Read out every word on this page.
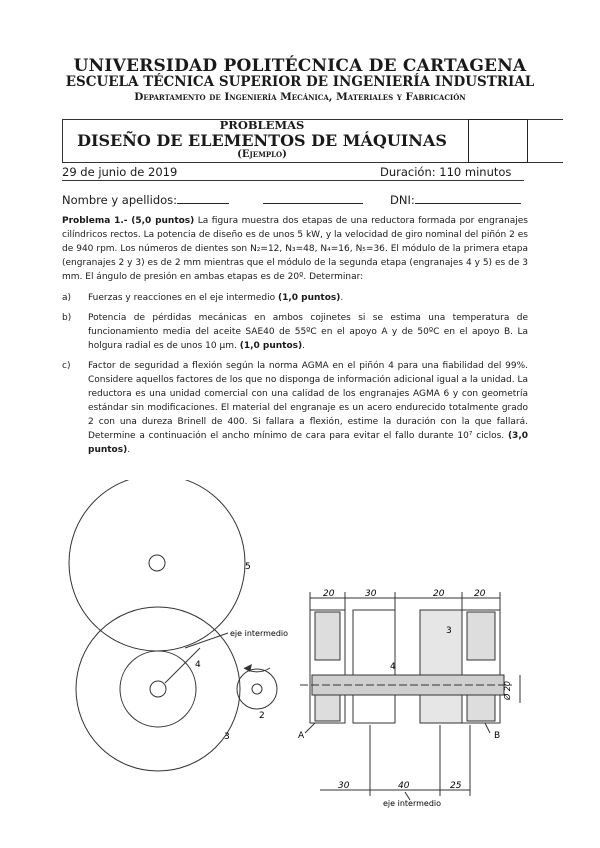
UNIVERSIDAD POLITÉCNICA DE CARTAGENA
ESCUELA TÉCNICA SUPERIOR DE INGENIERÍA INDUSTRIAL
Departamento de Ingeniería Mecánica, Materiales y Fabricación
PROBLEMAS
DISEÑO DE ELEMENTOS DE MÁQUINAS
(Ejemplo)
29 de junio de 2019	Duración: 110 minutos
Nombre y apellidos:	DNI:
Problema 1.- (5,0 puntos) La figura muestra dos etapas de una reductora formada por engranajes cilíndricos rectos. La potencia de diseño es de unos 5 kW, y la velocidad de giro nominal del piñón 2 es de 940 rpm. Los números de dientes son N₂=12, N₃=48, N₄=16, N₅=36. El módulo de la primera etapa (engranajes 2 y 3) es de 2 mm mientras que el módulo de la segunda etapa (engranajes 4 y 5) es de 3 mm. El ángulo de presión en ambas etapas es de 20º. Determinar:
a) Fuerzas y reacciones en el eje intermedio (1,0 puntos).
b) Potencia de pérdidas mecánicas en ambos cojinetes si se estima una temperatura de funcionamiento media del aceite SAE40 de 55ºC en el apoyo A y de 50ºC en el apoyo B. La holgura radial es de unos 10 μm. (1,0 puntos).
c) Factor de seguridad a flexión según la norma AGMA en el piñón 4 para una fiabilidad del 99%. Considere aquellos factores de los que no disponga de información adicional igual a la unidad. La reductora es una unidad comercial con una calidad de los engranajes AGMA 6 y con geometría estándar sin modificaciones. El material del engranaje es un acero endurecido totalmente grado 2 con una dureza Brinell de 400. Si fallara a flexión, estime la duración con la que fallará. Determine a continuación el ancho mínimo de cara para evitar el fallo durante 10⁷ ciclos. (3,0 puntos).
5
4
3
2
eje intermedio
20	30	20	20
30	40	25
Ø 20
3
4
A	B
eje intermedio
